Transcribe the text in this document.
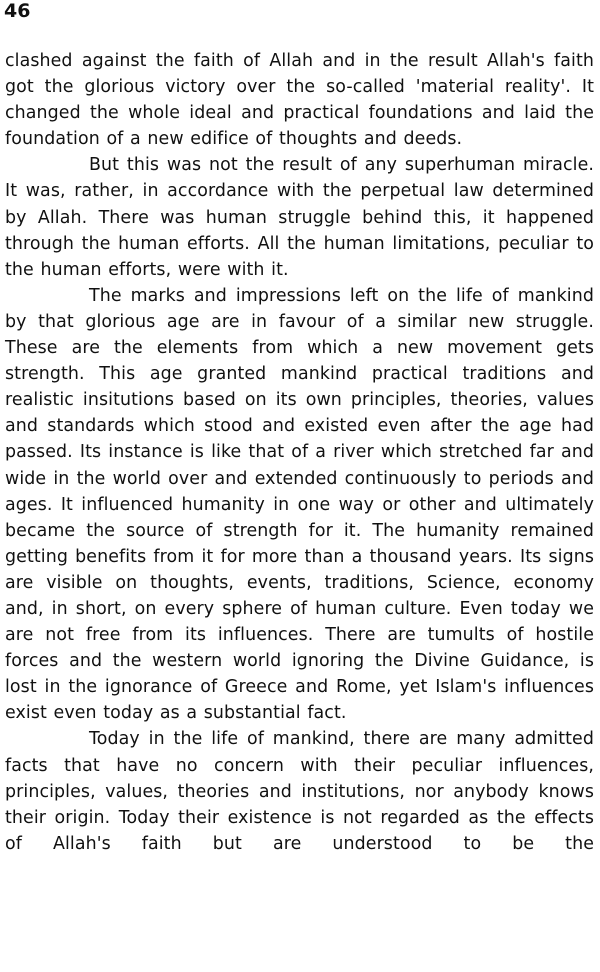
46

clashed against the faith of Allah and in the result Allah's faith got the glorious victory over the so-called 'material reality'. It changed the whole ideal and practical foundations and laid the foundation of a new edifice of thoughts and deeds.

But this was not the result of any superhuman miracle. It was, rather, in accordance with the perpetual law determined by Allah. There was human struggle behind this, it happened through the human efforts. All the human limitations, peculiar to the human efforts, were with it.

The marks and impressions left on the life of mankind by that glorious age are in favour of a similar new struggle. These are the elements from which a new movement gets strength. This age granted mankind practical traditions and realistic insitutions based on its own principles, theories, values and standards which stood and existed even after the age had passed. Its instance is like that of a river which stretched far and wide in the world over and extended continuously to periods and ages. It influenced humanity in one way or other and ultimately became the source of strength for it. The humanity remained getting benefits from it for more than a thousand years. Its signs are visible on thoughts, events, traditions, Science, economy and, in short, on every sphere of human culture. Even today we are not free from its influences. There are tumults of hostile forces and the western world ignoring the Divine Guidance, is lost in the ignorance of Greece and Rome, yet Islam's influences exist even today as a substantial fact.

Today in the life of mankind, there are many admitted facts that have no concern with their peculiar influences, principles, values, theories and institutions, nor anybody knows their origin. Today their existence is not regarded as the effects of Allah's faith but are understood to be the
